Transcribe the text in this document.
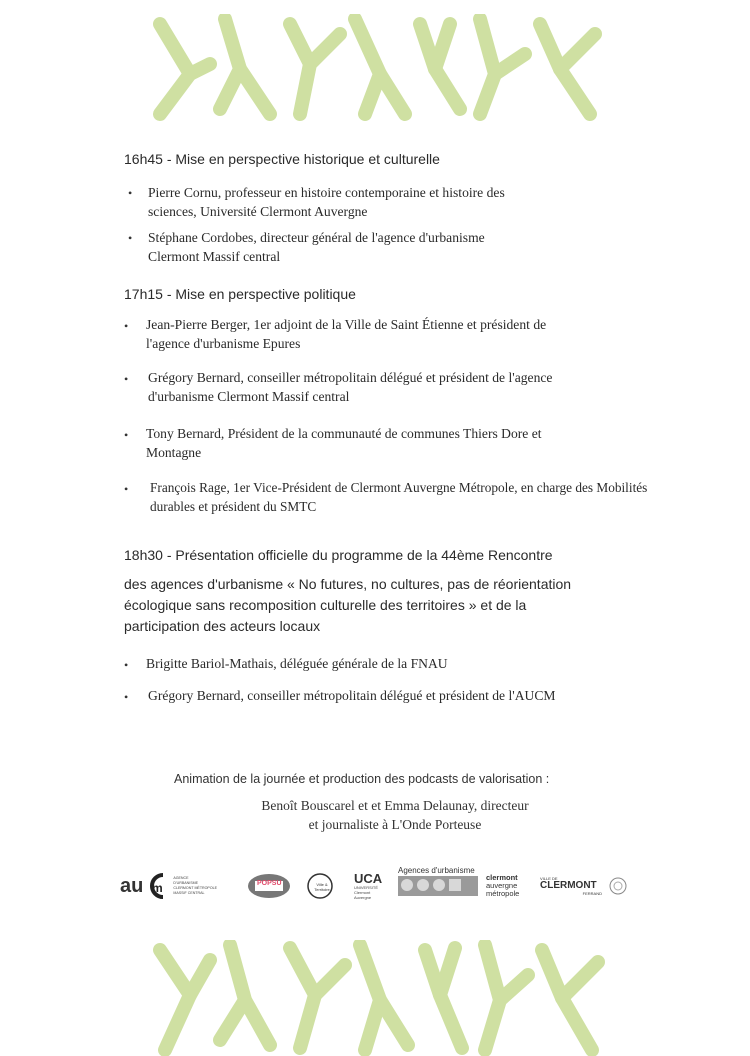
16h45 - Mise en perspective historique et culturelle
• Pierre Cornu, professeur en histoire contemporaine et histoire des
sciences, Université Clermont Auvergne
• Stéphane Cordobes, directeur général de l'agence d'urbanisme
Clermont Massif central
17h15 - Mise en perspective politique
• Jean-Pierre Berger, 1er adjoint de la Ville de Saint Étienne et président de
l'agence d'urbanisme Epures
• Grégory Bernard, conseiller métropolitain délégué et président de l'agence
d'urbanisme Clermont Massif central
• Tony Bernard, Président de la communauté de communes Thiers Dore et
Montagne
• François Rage, 1er Vice-Président de Clermont Auvergne Métropole, en charge des Mobilités
durables et président du SMTC
18h30 - Présentation officielle du programme de la 44ème Rencontre
des agences d'urbanisme « No futures, no cultures, pas de réorientation
écologique sans recomposition culturelle des territoires » et de la
participation des acteurs locaux
• Brigitte Bariol-Mathais, déléguée générale de la FNAU
• Grégory Bernard, conseiller métropolitain délégué et président de l'AUCM
Animation de la journée et production des podcasts de valorisation :
Benoît Bouscarel et et Emma Delaunay, directeur
et journaliste à L'Onde Porteuse
au m
AGENCE
D'URBANISME
CLERMONT MÉTROPOLE
MASSIF CENTRAL
POPSU	Ville & Territoire
UCA
UNIVERSITÉ
Clermont
Auvergne
Agences d'urbanisme
clermont
auvergne
métropole
VILLE DE
CLERMONT
FERRAND
